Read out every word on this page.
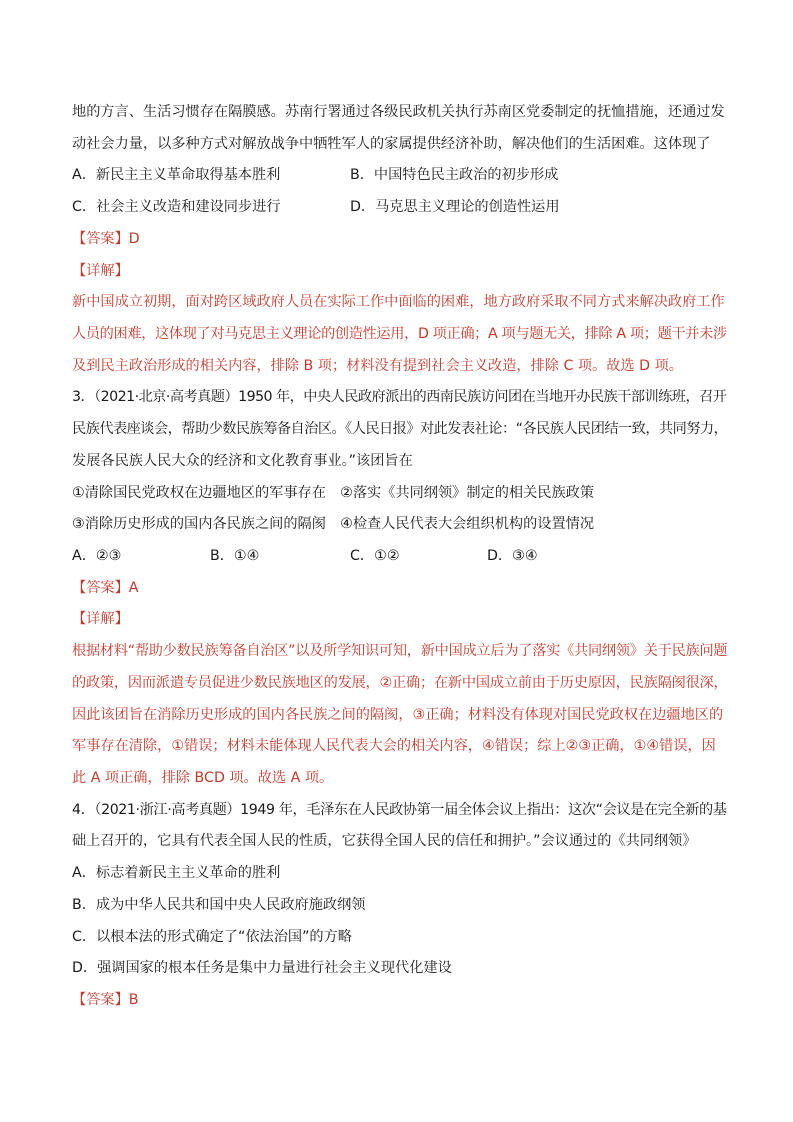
地的方言、生活习惯存在隔膜感。苏南行署通过各级民政机关执行苏南区党委制定的抚恤措施，还通过发
动社会力量，以多种方式对解放战争中牺牲军人的家属提供经济补助，解决他们的生活困难。这体现了
A．新民主主义革命取得基本胜利	B．中国特色民主政治的初步形成
C．社会主义改造和建设同步进行	D．马克思主义理论的创造性运用
【答案】D
【详解】
新中国成立初期，面对跨区域政府人员在实际工作中面临的困难，地方政府采取不同方式来解决政府工作
人员的困难，这体现了对马克思主义理论的创造性运用，D 项正确；A 项与题无关，排除 A 项；题干并未涉
及到民主政治形成的相关内容，排除 B 项；材料没有提到社会主义改造，排除 C 项。故选 D 项。
3．（2021·北京·高考真题）1950 年，中央人民政府派出的西南民族访问团在当地开办民族干部训练班，召开
民族代表座谈会，帮助少数民族筹备自治区。《人民日报》对此发表社论：“各民族人民团结一致，共同努力，
发展各民族人民大众的经济和文化教育事业。”该团旨在
①清除国民党政权在边疆地区的军事存在　②落实《共同纲领》制定的相关民族政策
③消除历史形成的国内各民族之间的隔阂　④检查人民代表大会组织机构的设置情况
A．②③	B．①④	C．①②	D．③④
【答案】A
【详解】
根据材料“帮助少数民族筹备自治区”以及所学知识可知，新中国成立后为了落实《共同纲领》关于民族问题
的政策，因而派遣专员促进少数民族地区的发展，②正确；在新中国成立前由于历史原因，民族隔阂很深，
因此该团旨在消除历史形成的国内各民族之间的隔阂，③正确；材料没有体现对国民党政权在边疆地区的
军事存在清除，①错误；材料未能体现人民代表大会的相关内容，④错误；综上②③正确，①④错误，因
此 A 项正确，排除 BCD 项。故选 A 项。
4．（2021·浙江·高考真题）1949 年，毛泽东在人民政协第一届全体会议上指出：这次“会议是在完全新的基
础上召开的，它具有代表全国人民的性质，它获得全国人民的信任和拥护。”会议通过的《共同纲领》
A．标志着新民主主义革命的胜利
B．成为中华人民共和国中央人民政府施政纲领
C．以根本法的形式确定了“依法治国”的方略
D．强调国家的根本任务是集中力量进行社会主义现代化建设
【答案】B
